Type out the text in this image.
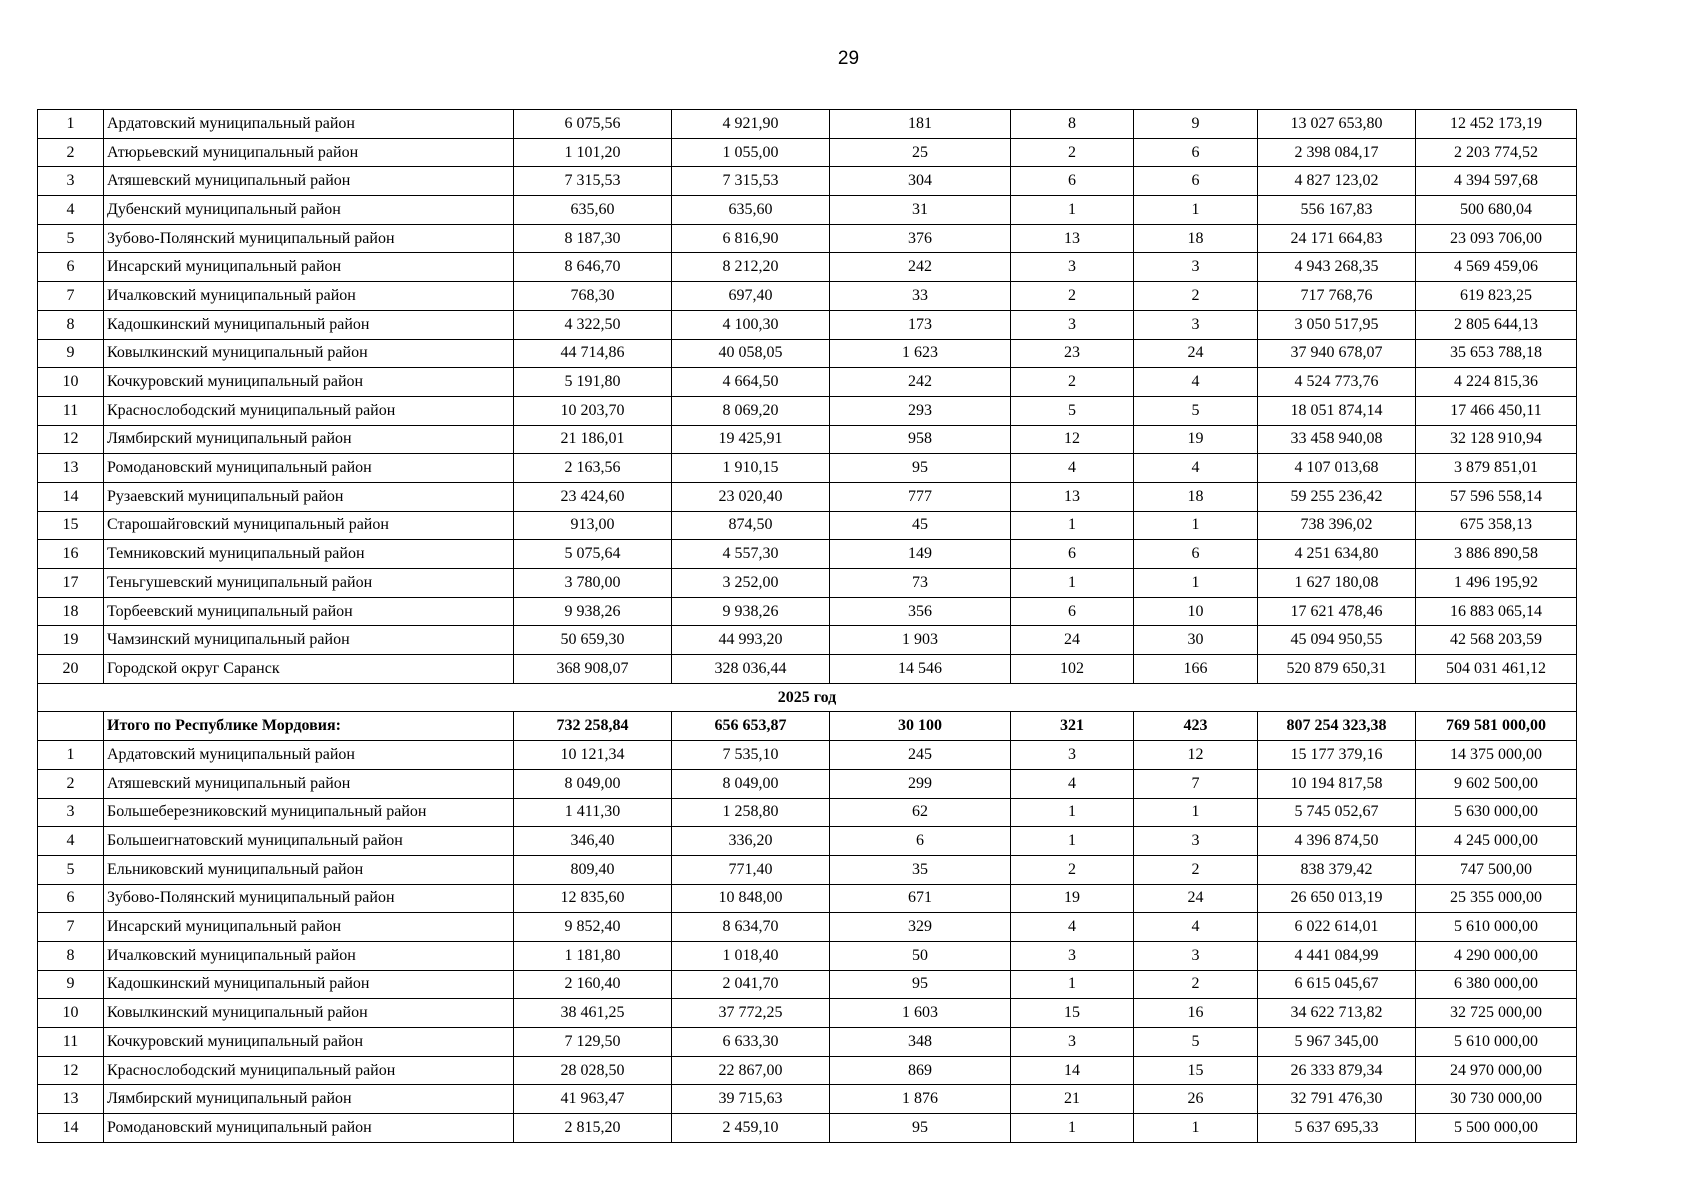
29
1	Ардатовский муниципальный район	6 075,56	4 921,90	181	8	9	13 027 653,80	12 452 173,19
2	Атюрьевский муниципальный район	1 101,20	1 055,00	25	2	6	2 398 084,17	2 203 774,52
3	Атяшевский муниципальный район	7 315,53	7 315,53	304	6	6	4 827 123,02	4 394 597,68
4	Дубенский муниципальный район	635,60	635,60	31	1	1	556 167,83	500 680,04
5	Зубово-Полянский муниципальный район	8 187,30	6 816,90	376	13	18	24 171 664,83	23 093 706,00
6	Инсарский муниципальный район	8 646,70	8 212,20	242	3	3	4 943 268,35	4 569 459,06
7	Ичалковский муниципальный район	768,30	697,40	33	2	2	717 768,76	619 823,25
8	Кадошкинский муниципальный район	4 322,50	4 100,30	173	3	3	3 050 517,95	2 805 644,13
9	Ковылкинский муниципальный район	44 714,86	40 058,05	1 623	23	24	37 940 678,07	35 653 788,18
10	Кочкуровский муниципальный район	5 191,80	4 664,50	242	2	4	4 524 773,76	4 224 815,36
11	Краснослободский муниципальный район	10 203,70	8 069,20	293	5	5	18 051 874,14	17 466 450,11
12	Лямбирский муниципальный район	21 186,01	19 425,91	958	12	19	33 458 940,08	32 128 910,94
13	Ромодановский муниципальный район	2 163,56	1 910,15	95	4	4	4 107 013,68	3 879 851,01
14	Рузаевский муниципальный район	23 424,60	23 020,40	777	13	18	59 255 236,42	57 596 558,14
15	Старошайговский муниципальный район	913,00	874,50	45	1	1	738 396,02	675 358,13
16	Темниковский муниципальный район	5 075,64	4 557,30	149	6	6	4 251 634,80	3 886 890,58
17	Теньгушевский муниципальный район	3 780,00	3 252,00	73	1	1	1 627 180,08	1 496 195,92
18	Торбеевский муниципальный район	9 938,26	9 938,26	356	6	10	17 621 478,46	16 883 065,14
19	Чамзинский муниципальный район	50 659,30	44 993,20	1 903	24	30	45 094 950,55	42 568 203,59
20	Городской округ Саранск	368 908,07	328 036,44	14 546	102	166	520 879 650,31	504 031 461,12
2025 год								
	Итого по Республике Мордовия:	732 258,84	656 653,87	30 100	321	423	807 254 323,38	769 581 000,00
1	Ардатовский муниципальный район	10 121,34	7 535,10	245	3	12	15 177 379,16	14 375 000,00
2	Атяшевский муниципальный район	8 049,00	8 049,00	299	4	7	10 194 817,58	9 602 500,00
3	Большеберезниковский муниципальный район	1 411,30	1 258,80	62	1	1	5 745 052,67	5 630 000,00
4	Большеигнатовский муниципальный район	346,40	336,20	6	1	3	4 396 874,50	4 245 000,00
5	Ельниковский муниципальный район	809,40	771,40	35	2	2	838 379,42	747 500,00
6	Зубово-Полянский муниципальный район	12 835,60	10 848,00	671	19	24	26 650 013,19	25 355 000,00
7	Инсарский муниципальный район	9 852,40	8 634,70	329	4	4	6 022 614,01	5 610 000,00
8	Ичалковский муниципальный район	1 181,80	1 018,40	50	3	3	4 441 084,99	4 290 000,00
9	Кадошкинский муниципальный район	2 160,40	2 041,70	95	1	2	6 615 045,67	6 380 000,00
10	Ковылкинский муниципальный район	38 461,25	37 772,25	1 603	15	16	34 622 713,82	32 725 000,00
11	Кочкуровский муниципальный район	7 129,50	6 633,30	348	3	5	5 967 345,00	5 610 000,00
12	Краснослободский муниципальный район	28 028,50	22 867,00	869	14	15	26 333 879,34	24 970 000,00
13	Лямбирский муниципальный район	41 963,47	39 715,63	1 876	21	26	32 791 476,30	30 730 000,00
14	Ромодановский муниципальный район	2 815,20	2 459,10	95	1	1	5 637 695,33	5 500 000,00
